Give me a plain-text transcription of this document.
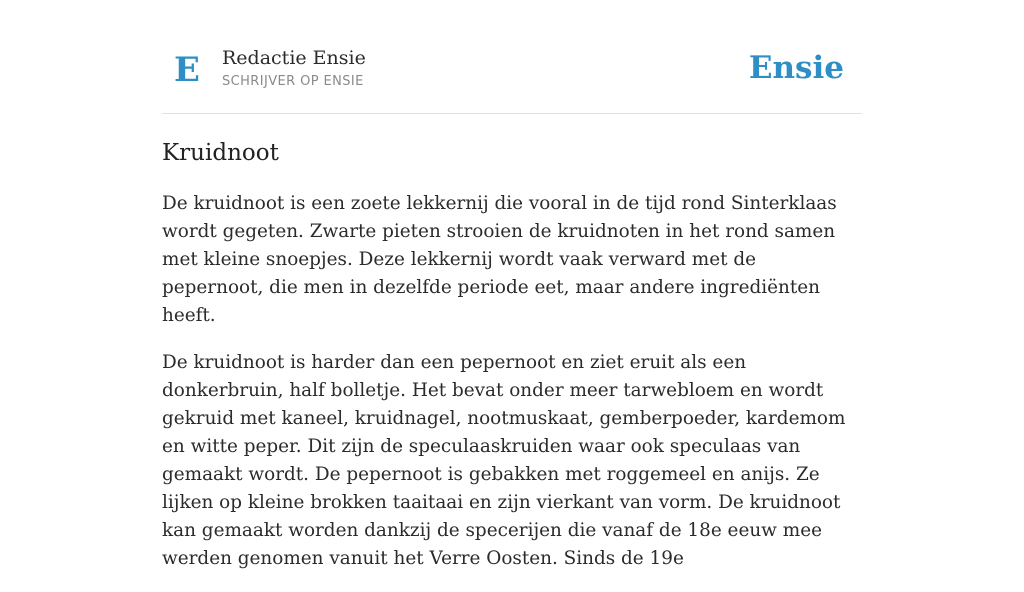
E Redactie Ensie
SCHRIJVER OP ENSIE	Ensie
Kruidnoot

De kruidnoot is een zoete lekkernij die vooral in de tijd rond Sinterklaas wordt gegeten. Zwarte pieten strooien de kruidnoten in het rond samen met kleine snoepjes. Deze lekkernij wordt vaak verward met de pepernoot, die men in dezelfde periode eet, maar andere ingrediënten heeft.

De kruidnoot is harder dan een pepernoot en ziet eruit als een donkerbruin, half bolletje. Het bevat onder meer tarwebloem en wordt gekruid met kaneel, kruidnagel, nootmuskaat, gemberpoeder, kardemom en witte peper. Dit zijn de speculaaskruiden waar ook speculaas van gemaakt wordt. De pepernoot is gebakken met roggemeel en anijs. Ze lijken op kleine brokken taaitaai en zijn vierkant van vorm. De kruidnoot kan gemaakt worden dankzij de specerijen die vanaf de 18e eeuw mee werden genomen vanuit het Verre Oosten. Sinds de 19e
